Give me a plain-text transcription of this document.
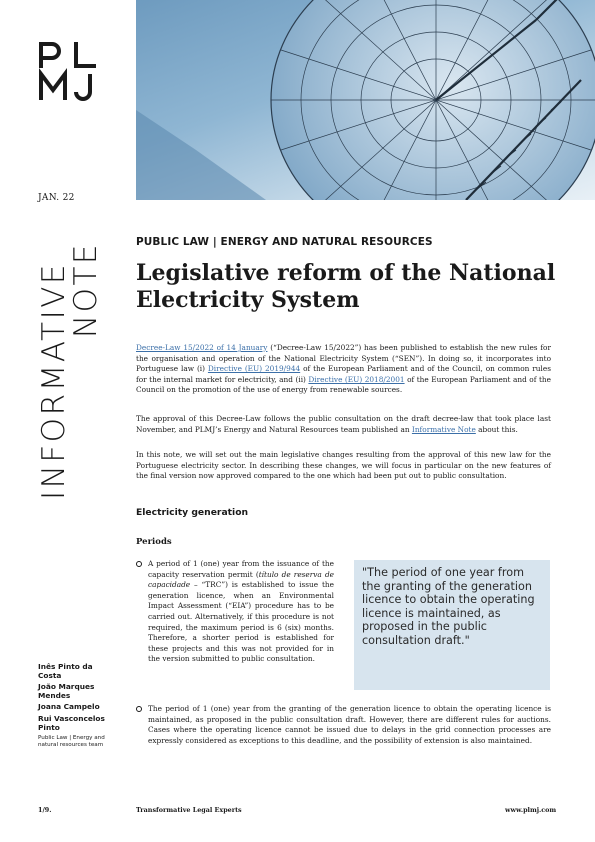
JAN. 22
INFORMATIVE
NOTE
Inês Pinto da Costa
João Marques Mendes
Joana Campelo
Rui Vasconcelos Pinto
Public Law | Energy and natural resources team
PUBLIC LAW | ENERGY AND NATURAL RESOURCES
Legislative reform of the National
Electricity System

Decree-Law 15/2022 of 14 January (“Decree-Law 15/2022”) has been published to establish the new rules for the organisation and operation of the National Electricity System (“SEN”). In doing so, it incorporates into Portuguese law (i) Directive (EU) 2019/944 of the European Parliament and of the Council, on common rules for the internal market for electricity, and (ii) Directive (EU) 2018/2001 of the European Parliament and of the Council on the promotion of the use of energy from renewable sources.

The approval of this Decree-Law follows the public consultation on the draft decree-law that took place last November, and PLMJ’s Energy and Natural Resources team published an Informative Note about this.

In this note, we will set out the main legislative changes resulting from the approval of this new law for the Portuguese electricity sector. In describing these changes, we will focus in particular on the new features of the final version now approved compared to the one which had been put out to public consultation.

Electricity generation
Periods

A period of 1 (one) year from the issuance of the capacity reservation permit (título de reserva de capacidade – “TRC”) is established to issue the generation licence, when an Environmental Impact Assessment (“EIA”) procedure has to be carried out. Alternatively, if this procedure is not required, the maximum period is 6 (six) months. Therefore, a shorter period is established for these projects and this was not provided for in the version submitted to public consultation.

"The period of one year from the granting of the generation licence to obtain the operating licence is maintained, as proposed in the public consultation draft."

The period of 1 (one) year from the granting of the generation licence to obtain the operating licence is maintained, as proposed in the public consultation draft. However, there are different rules for auctions. Cases where the operating licence cannot be issued due to delays in the grid connection processes are expressly considered as exceptions to this deadline, and the possibility of extension is also maintained.

1/9.	Transformative Legal Experts	www.plmj.com
